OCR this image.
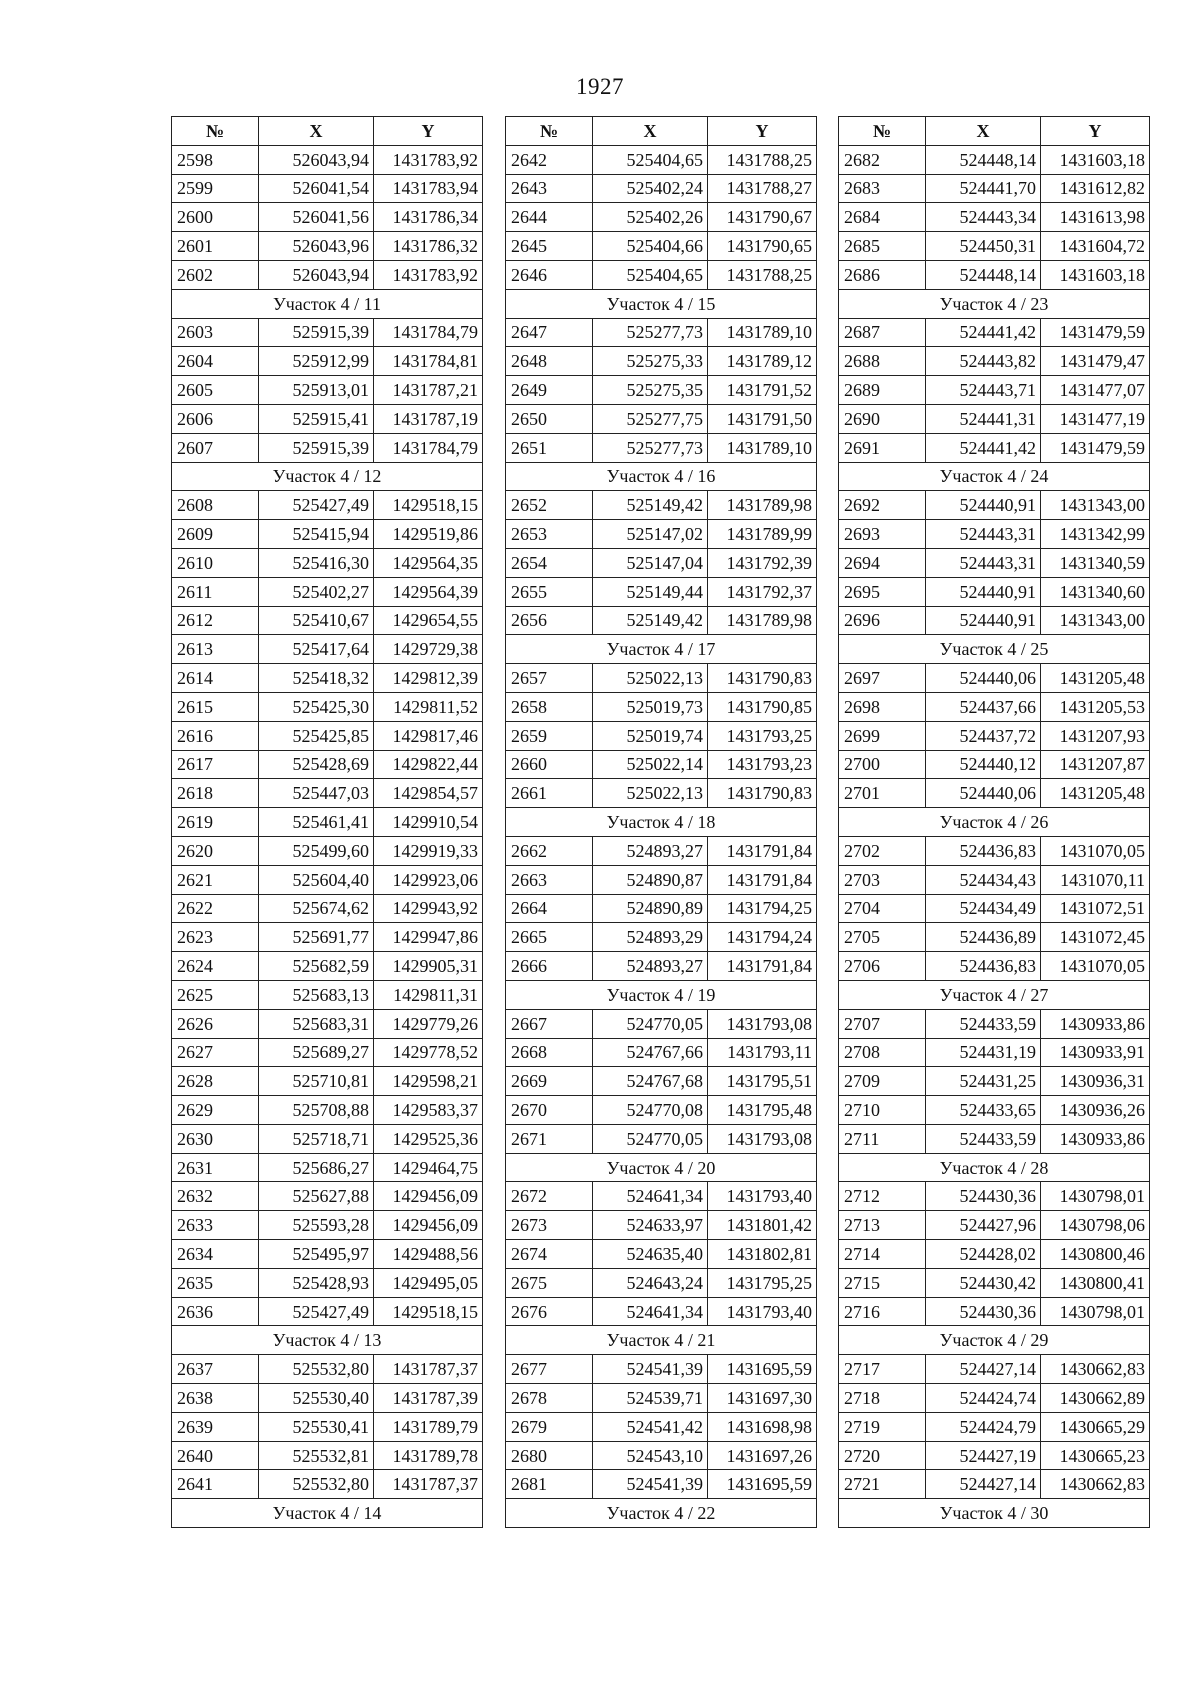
1927
№	X	Y
2598	526043,94	1431783,92
2599	526041,54	1431783,94
2600	526041,56	1431786,34
2601	526043,96	1431786,32
2602	526043,94	1431783,92
Участок 4 / 11		
2603	525915,39	1431784,79
2604	525912,99	1431784,81
2605	525913,01	1431787,21
2606	525915,41	1431787,19
2607	525915,39	1431784,79
Участок 4 / 12		
2608	525427,49	1429518,15
2609	525415,94	1429519,86
2610	525416,30	1429564,35
2611	525402,27	1429564,39
2612	525410,67	1429654,55
2613	525417,64	1429729,38
2614	525418,32	1429812,39
2615	525425,30	1429811,52
2616	525425,85	1429817,46
2617	525428,69	1429822,44
2618	525447,03	1429854,57
2619	525461,41	1429910,54
2620	525499,60	1429919,33
2621	525604,40	1429923,06
2622	525674,62	1429943,92
2623	525691,77	1429947,86
2624	525682,59	1429905,31
2625	525683,13	1429811,31
2626	525683,31	1429779,26
2627	525689,27	1429778,52
2628	525710,81	1429598,21
2629	525708,88	1429583,37
2630	525718,71	1429525,36
2631	525686,27	1429464,75
2632	525627,88	1429456,09
2633	525593,28	1429456,09
2634	525495,97	1429488,56
2635	525428,93	1429495,05
2636	525427,49	1429518,15
Участок 4 / 13		
2637	525532,80	1431787,37
2638	525530,40	1431787,39
2639	525530,41	1431789,79
2640	525532,81	1431789,78
2641	525532,80	1431787,37
Участок 4 / 14		
№	X	Y
2642	525404,65	1431788,25
2643	525402,24	1431788,27
2644	525402,26	1431790,67
2645	525404,66	1431790,65
2646	525404,65	1431788,25
Участок 4 / 15		
2647	525277,73	1431789,10
2648	525275,33	1431789,12
2649	525275,35	1431791,52
2650	525277,75	1431791,50
2651	525277,73	1431789,10
Участок 4 / 16		
2652	525149,42	1431789,98
2653	525147,02	1431789,99
2654	525147,04	1431792,39
2655	525149,44	1431792,37
2656	525149,42	1431789,98
Участок 4 / 17		
2657	525022,13	1431790,83
2658	525019,73	1431790,85
2659	525019,74	1431793,25
2660	525022,14	1431793,23
2661	525022,13	1431790,83
Участок 4 / 18		
2662	524893,27	1431791,84
2663	524890,87	1431791,84
2664	524890,89	1431794,25
2665	524893,29	1431794,24
2666	524893,27	1431791,84
Участок 4 / 19		
2667	524770,05	1431793,08
2668	524767,66	1431793,11
2669	524767,68	1431795,51
2670	524770,08	1431795,48
2671	524770,05	1431793,08
Участок 4 / 20		
2672	524641,34	1431793,40
2673	524633,97	1431801,42
2674	524635,40	1431802,81
2675	524643,24	1431795,25
2676	524641,34	1431793,40
Участок 4 / 21		
2677	524541,39	1431695,59
2678	524539,71	1431697,30
2679	524541,42	1431698,98
2680	524543,10	1431697,26
2681	524541,39	1431695,59
Участок 4 / 22		
№	X	Y
2682	524448,14	1431603,18
2683	524441,70	1431612,82
2684	524443,34	1431613,98
2685	524450,31	1431604,72
2686	524448,14	1431603,18
Участок 4 / 23		
2687	524441,42	1431479,59
2688	524443,82	1431479,47
2689	524443,71	1431477,07
2690	524441,31	1431477,19
2691	524441,42	1431479,59
Участок 4 / 24		
2692	524440,91	1431343,00
2693	524443,31	1431342,99
2694	524443,31	1431340,59
2695	524440,91	1431340,60
2696	524440,91	1431343,00
Участок 4 / 25		
2697	524440,06	1431205,48
2698	524437,66	1431205,53
2699	524437,72	1431207,93
2700	524440,12	1431207,87
2701	524440,06	1431205,48
Участок 4 / 26		
2702	524436,83	1431070,05
2703	524434,43	1431070,11
2704	524434,49	1431072,51
2705	524436,89	1431072,45
2706	524436,83	1431070,05
Участок 4 / 27		
2707	524433,59	1430933,86
2708	524431,19	1430933,91
2709	524431,25	1430936,31
2710	524433,65	1430936,26
2711	524433,59	1430933,86
Участок 4 / 28		
2712	524430,36	1430798,01
2713	524427,96	1430798,06
2714	524428,02	1430800,46
2715	524430,42	1430800,41
2716	524430,36	1430798,01
Участок 4 / 29		
2717	524427,14	1430662,83
2718	524424,74	1430662,89
2719	524424,79	1430665,29
2720	524427,19	1430665,23
2721	524427,14	1430662,83
Участок 4 / 30		
